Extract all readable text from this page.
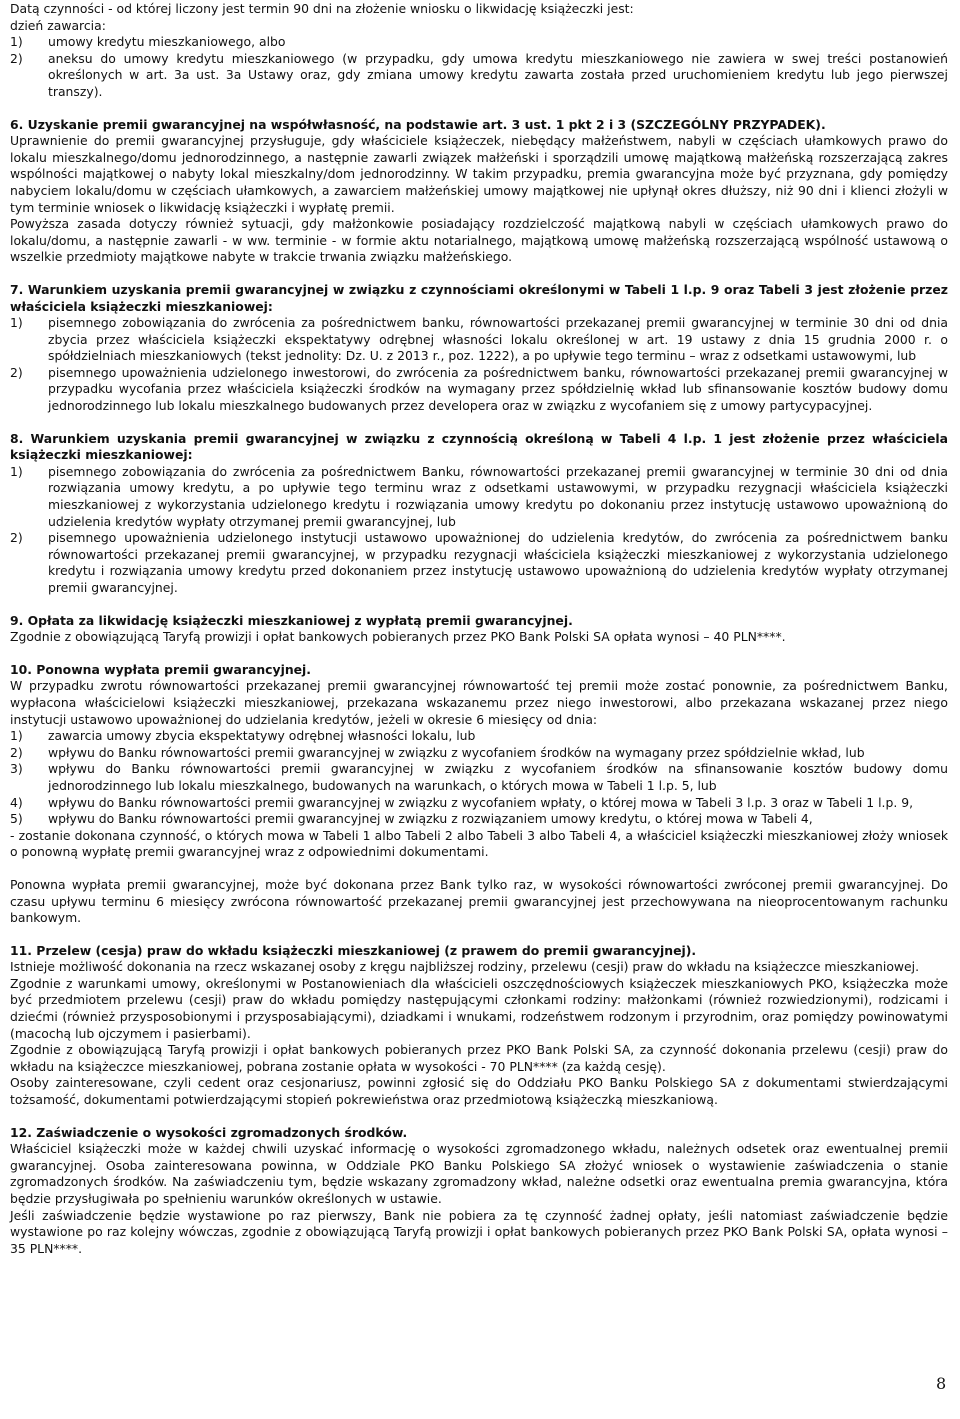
Datą czynności - od której liczony jest termin 90 dni na złożenie wniosku o likwidację książeczki jest:

dzień zawarcia:

1)	umowy kredytu mieszkaniowego, albo
2)	aneksu do umowy kredytu mieszkaniowego (w przypadku, gdy umowa kredytu mieszkaniowego nie zawiera w swej treści postanowień określonych w art. 3a ust. 3a Ustawy oraz, gdy zmiana umowy kredytu zawarta została przed uruchomieniem kredytu lub jego pierwszej transzy).

6. Uzyskanie premii gwarancyjnej na współwłasność, na podstawie art. 3 ust. 1 pkt 2 i 3 (SZCZEGÓLNY PRZYPADEK).

Uprawnienie do premii gwarancyjnej przysługuje, gdy właściciele książeczek, niebędący małżeństwem, nabyli w częściach ułamkowych prawo do lokalu mieszkalnego/domu jednorodzinnego, a następnie zawarli związek małżeński i sporządzili umowę majątkową małżeńską rozszerzającą zakres wspólności majątkowej o nabyty lokal mieszkalny/dom jednorodzinny. W takim przypadku, premia gwarancyjna może być przyznana, gdy pomiędzy nabyciem lokalu/domu w częściach ułamkowych, a zawarciem małżeńskiej umowy majątkowej nie upłynął okres dłuższy, niż 90 dni i klienci złożyli w tym terminie wniosek o likwidację książeczki i wypłatę premii.

Powyższa zasada dotyczy również sytuacji, gdy małżonkowie posiadający rozdzielczość majątkową nabyli w częściach ułamkowych prawo do lokalu/domu, a następnie zawarli - w ww. terminie - w formie aktu notarialnego, majątkową umowę małżeńską rozszerzającą wspólność ustawową o wszelkie przedmioty majątkowe nabyte w trakcie trwania związku małżeńskiego.

7. Warunkiem uzyskania premii gwarancyjnej w związku z czynnościami określonymi w Tabeli 1 l.p. 9 oraz Tabeli 3 jest złożenie przez właściciela książeczki mieszkaniowej:

1)	pisemnego zobowiązania do zwrócenia za pośrednictwem banku, równowartości przekazanej premii gwarancyjnej w terminie 30 dni od dnia zbycia przez właściciela książeczki ekspektatywy odrębnej własności lokalu określonej w art. 19 ustawy z dnia 15 grudnia 2000 r. o spółdzielniach mieszkaniowych (tekst jednolity: Dz. U. z 2013 r., poz. 1222), a po upływie tego terminu – wraz z odsetkami ustawowymi, lub
2)	pisemnego upoważnienia udzielonego inwestorowi, do zwrócenia za pośrednictwem banku, równowartości przekazanej premii gwarancyjnej w przypadku wycofania przez właściciela książeczki środków na wymagany przez spółdzielnię wkład lub sfinansowanie kosztów budowy domu jednorodzinnego lub lokalu mieszkalnego budowanych przez developera oraz w związku z wycofaniem się z umowy partycypacyjnej.

8. Warunkiem uzyskania premii gwarancyjnej w związku z czynnością określoną w Tabeli 4 l.p. 1 jest złożenie przez właściciela książeczki mieszkaniowej:

1)	pisemnego zobowiązania do zwrócenia za pośrednictwem Banku, równowartości przekazanej premii gwarancyjnej w terminie 30 dni od dnia rozwiązania umowy kredytu, a po upływie tego terminu wraz z odsetkami ustawowymi, w przypadku rezygnacji właściciela książeczki mieszkaniowej z wykorzystania udzielonego kredytu i rozwiązania umowy kredytu po dokonaniu przez instytucję ustawowo upoważnioną do udzielenia kredytów wypłaty otrzymanej premii gwarancyjnej, lub
2)	pisemnego upoważnienia udzielonego instytucji ustawowo upoważnionej do udzielenia kredytów, do zwrócenia za pośrednictwem banku równowartości przekazanej premii gwarancyjnej, w przypadku rezygnacji właściciela książeczki mieszkaniowej z wykorzystania udzielonego kredytu i rozwiązania umowy kredytu przed dokonaniem przez instytucję ustawowo upoważnioną do udzielenia kredytów wypłaty otrzymanej premii gwarancyjnej.

9. Opłata za likwidację książeczki mieszkaniowej z wypłatą premii gwarancyjnej.

Zgodnie z obowiązującą Taryfą prowizji i opłat bankowych pobieranych przez PKO Bank Polski SA opłata wynosi – 40 PLN****.

10. Ponowna wypłata premii gwarancyjnej.

W przypadku zwrotu równowartości przekazanej premii gwarancyjnej równowartość tej premii może zostać ponownie, za pośrednictwem Banku, wypłacona właścicielowi książeczki mieszkaniowej, przekazana wskazanemu przez niego inwestorowi, albo przekazana wskazanej przez niego instytucji ustawowo upoważnionej do udzielania kredytów, jeżeli w okresie 6 miesięcy od dnia:

1)	zawarcia umowy zbycia ekspektatywy odrębnej własności lokalu, lub
2)	wpływu do Banku równowartości premii gwarancyjnej w związku z wycofaniem środków na wymagany przez spółdzielnie wkład, lub
3)	wpływu do Banku równowartości premii gwarancyjnej w związku z wycofaniem środków na sfinansowanie kosztów budowy domu jednorodzinnego lub lokalu mieszkalnego, budowanych na warunkach, o których mowa w Tabeli 1 l.p. 5, lub
4)	wpływu do Banku równowartości premii gwarancyjnej w związku z wycofaniem wpłaty, o której mowa w Tabeli 3 l.p. 3 oraz w Tabeli 1 l.p. 9,
5)	wpływu do Banku równowartości premii gwarancyjnej w związku z rozwiązaniem umowy kredytu, o której mowa w Tabeli 4,

- zostanie dokonana czynność, o których mowa w Tabeli 1 albo Tabeli 2 albo Tabeli 3 albo Tabeli 4, a właściciel książeczki mieszkaniowej złoży wniosek o ponowną wypłatę premii gwarancyjnej wraz z odpowiednimi dokumentami.

Ponowna wypłata premii gwarancyjnej, może być dokonana przez Bank tylko raz, w wysokości równowartości zwróconej premii gwarancyjnej. Do czasu upływu terminu 6 miesięcy zwrócona równowartość przekazanej premii gwarancyjnej jest przechowywana na nieoprocentowanym rachunku bankowym.

11. Przelew (cesja) praw do wkładu książeczki mieszkaniowej (z prawem do premii gwarancyjnej).

Istnieje możliwość dokonania na rzecz wskazanej osoby z kręgu najbliższej rodziny, przelewu (cesji) praw do wkładu na książeczce mieszkaniowej.

Zgodnie z warunkami umowy, określonymi w Postanowieniach dla właścicieli oszczędnościowych książeczek mieszkaniowych PKO, książeczka może być przedmiotem przelewu (cesji) praw do wkładu pomiędzy następującymi członkami rodziny: małżonkami (również rozwiedzionymi), rodzicami i dziećmi (również przysposobionymi i przysposabiającymi), dziadkami i wnukami, rodzeństwem rodzonym i przyrodnim, oraz pomiędzy powinowatymi (macochą lub ojczymem i pasierbami).

Zgodnie z obowiązującą Taryfą prowizji i opłat bankowych pobieranych przez PKO Bank Polski SA, za czynność dokonania przelewu (cesji) praw do wkładu na książeczce mieszkaniowej, pobrana zostanie opłata w wysokości - 70 PLN**** (za każdą cesję).

Osoby zainteresowane, czyli cedent oraz cesjonariusz, powinni zgłosić się do Oddziału PKO Banku Polskiego SA z dokumentami stwierdzającymi tożsamość, dokumentami potwierdzającymi stopień pokrewieństwa oraz przedmiotową książeczką mieszkaniową.

12. Zaświadczenie o wysokości zgromadzonych środków.

Właściciel książeczki może w każdej chwili uzyskać informację o wysokości zgromadzonego wkładu, należnych odsetek oraz ewentualnej premii gwarancyjnej. Osoba zainteresowana powinna, w Oddziale PKO Banku Polskiego SA złożyć wniosek o wystawienie zaświadczenia o stanie zgromadzonych środków. Na zaświadczeniu tym, będzie wskazany zgromadzony wkład, należne odsetki oraz ewentualna premia gwarancyjna, która będzie przysługiwała po spełnieniu warunków określonych w ustawie.

Jeśli zaświadczenie będzie wystawione po raz pierwszy, Bank nie pobiera za tę czynność żadnej opłaty, jeśli natomiast zaświadczenie będzie wystawione po raz kolejny wówczas, zgodnie z obowiązującą Taryfą prowizji i opłat bankowych pobieranych przez PKO Bank Polski SA, opłata wynosi – 35 PLN****.

8
